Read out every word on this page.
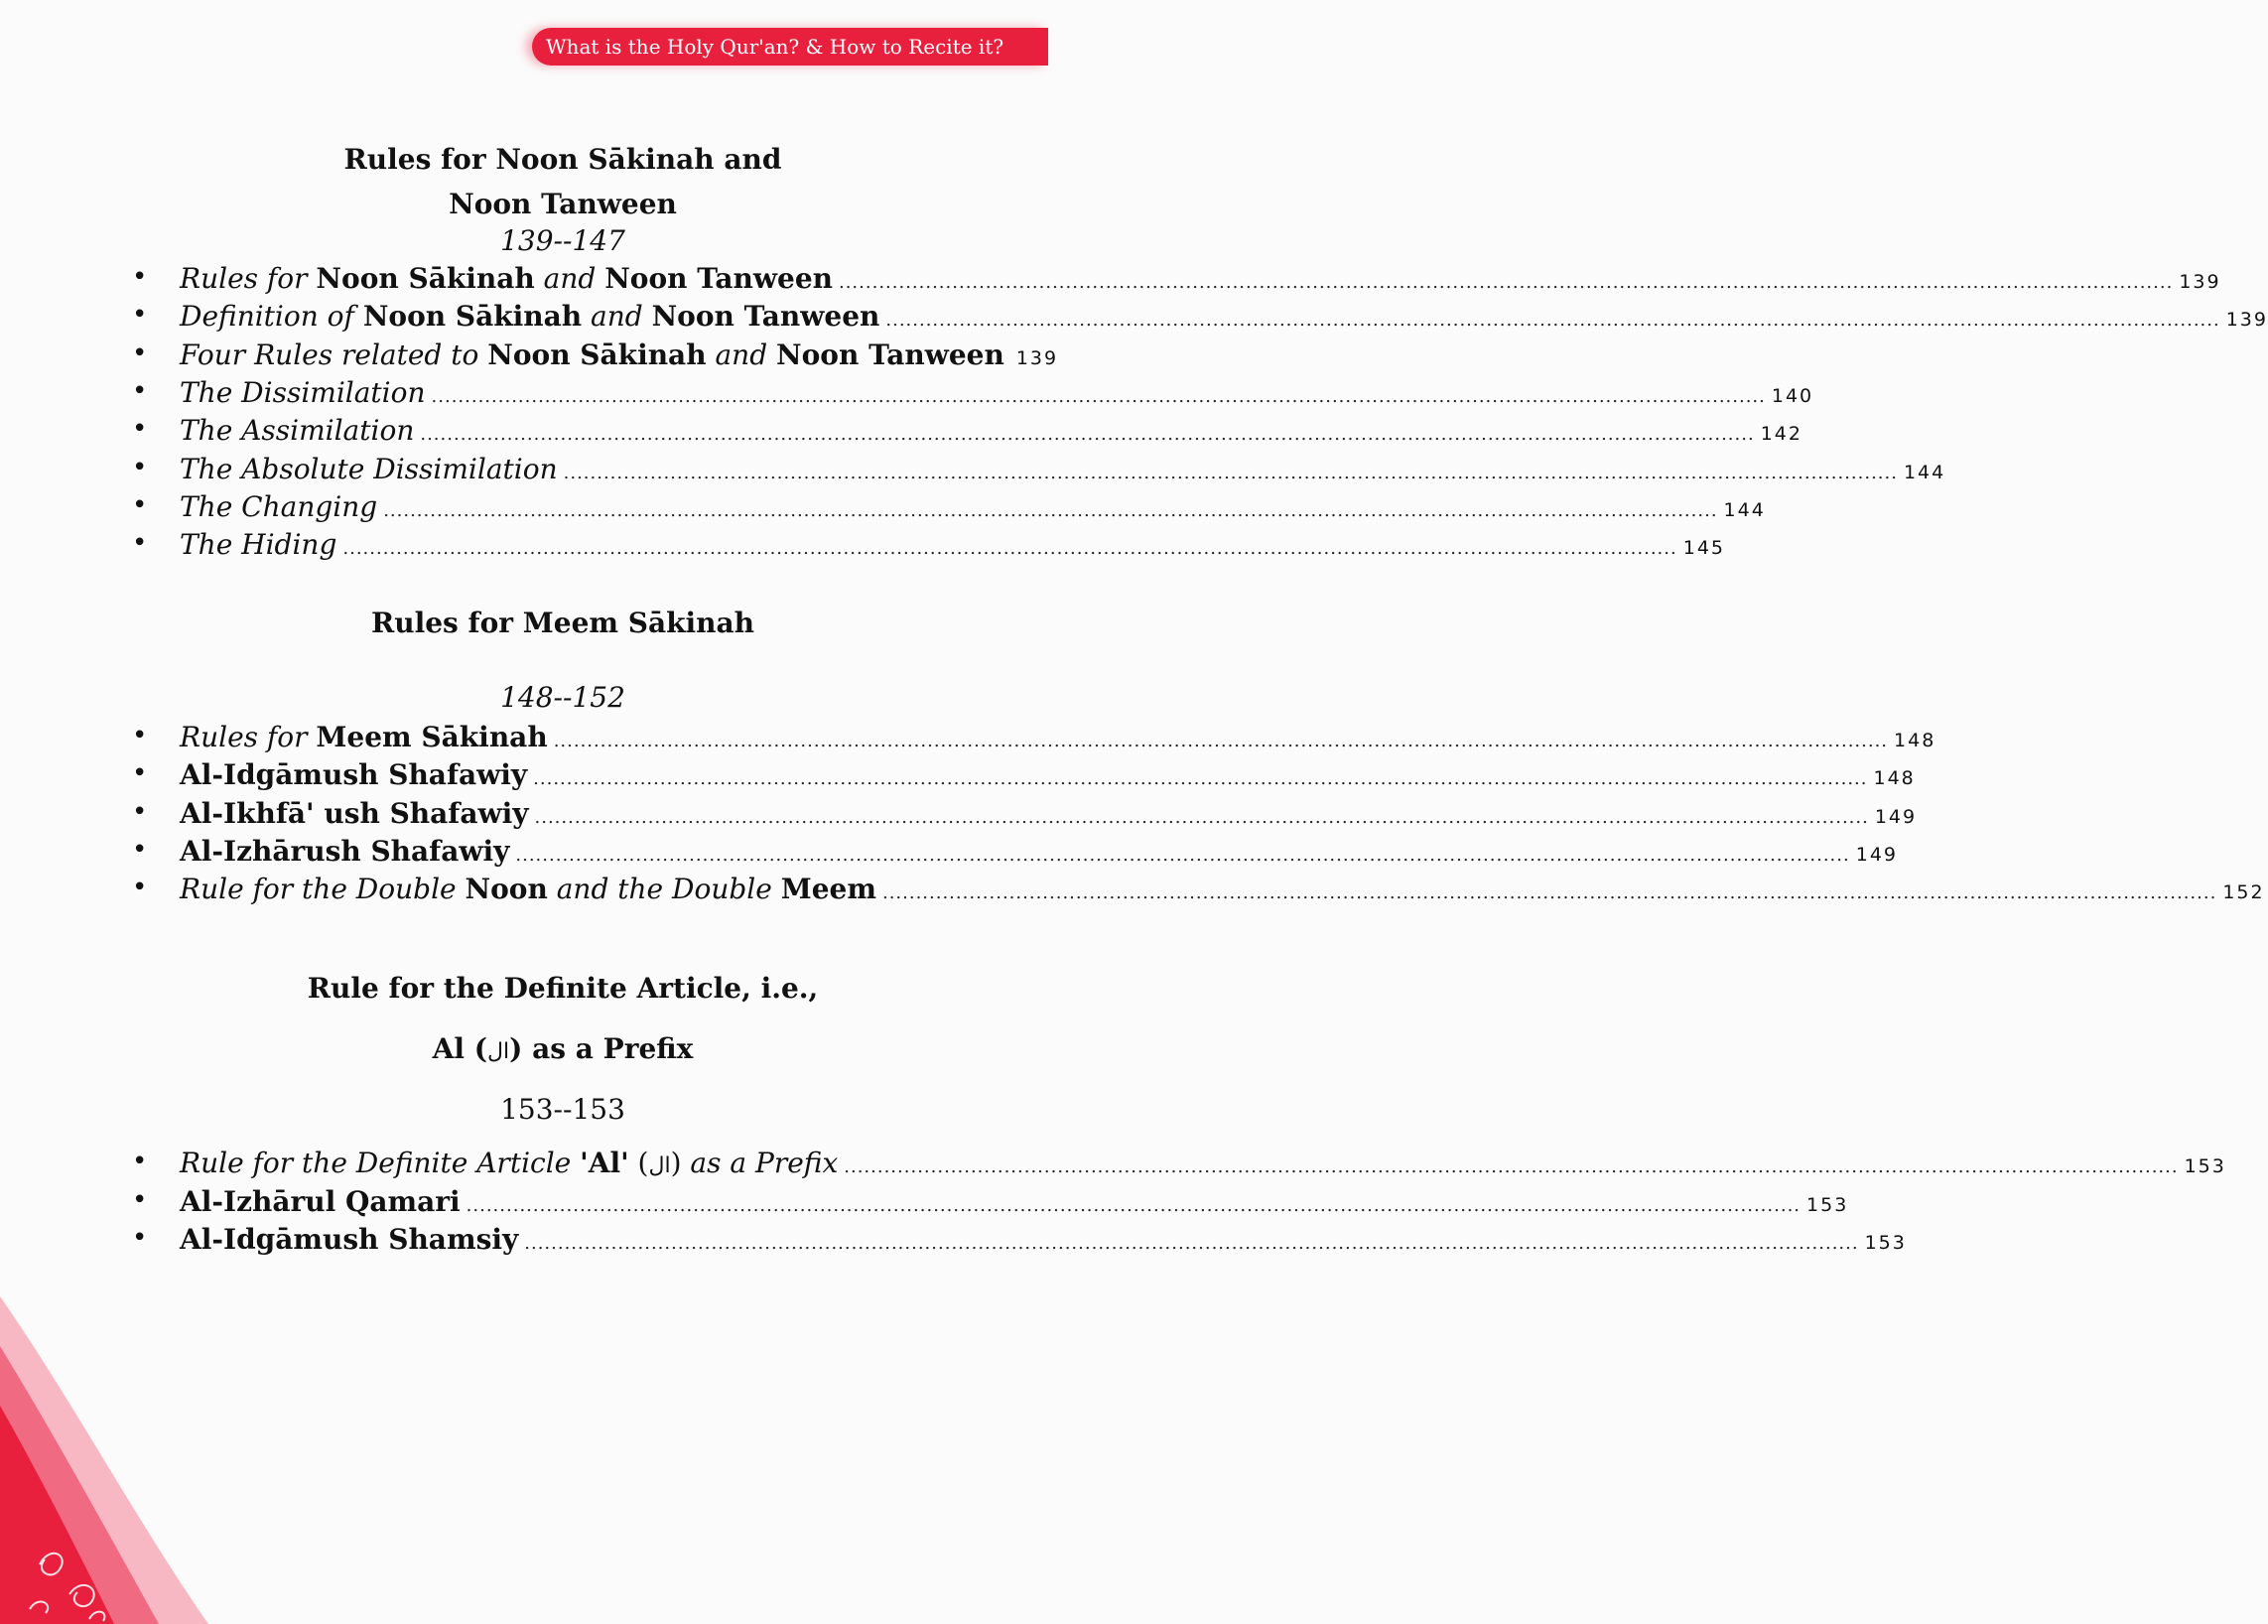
What is the Holy Qur'an? & How to Recite it?
Rules for Noon Sākinah and
Noon Tanween
139--147
• Rules for Noon Sākinah and Noon Tanween ........................................................................................................................................................................................................ 139
• Definition of Noon Sākinah and Noon Tanween ........................................................................................................................................................................................................ 139
• Four Rules related to Noon Sākinah and Noon Tanween 139
• The Dissimilation ........................................................................................................................................................................................................ 140
• The Assimilation ........................................................................................................................................................................................................ 142
• The Absolute Dissimilation ........................................................................................................................................................................................................ 144
• The Changing ........................................................................................................................................................................................................ 144
• The Hiding ........................................................................................................................................................................................................ 145
Rules for Meem Sākinah
148--152
• Rules for Meem Sākinah ........................................................................................................................................................................................................ 148
• Al-Idgāmush Shafawiy ........................................................................................................................................................................................................ 148
• Al-Ikhfā' ush Shafawiy ........................................................................................................................................................................................................ 149
• Al-Izhārush Shafawiy ........................................................................................................................................................................................................ 149
• Rule for the Double Noon and the Double Meem ........................................................................................................................................................................................................ 152
Rule for the Definite Article, i.e.,
Al (ال) as a Prefix
153--153
• Rule for the Definite Article 'Al' (ال) as a Prefix ........................................................................................................................................................................................................ 153
• Al-Izhārul Qamari ........................................................................................................................................................................................................ 153
• Al-Idgāmush Shamsiy ........................................................................................................................................................................................................ 153
